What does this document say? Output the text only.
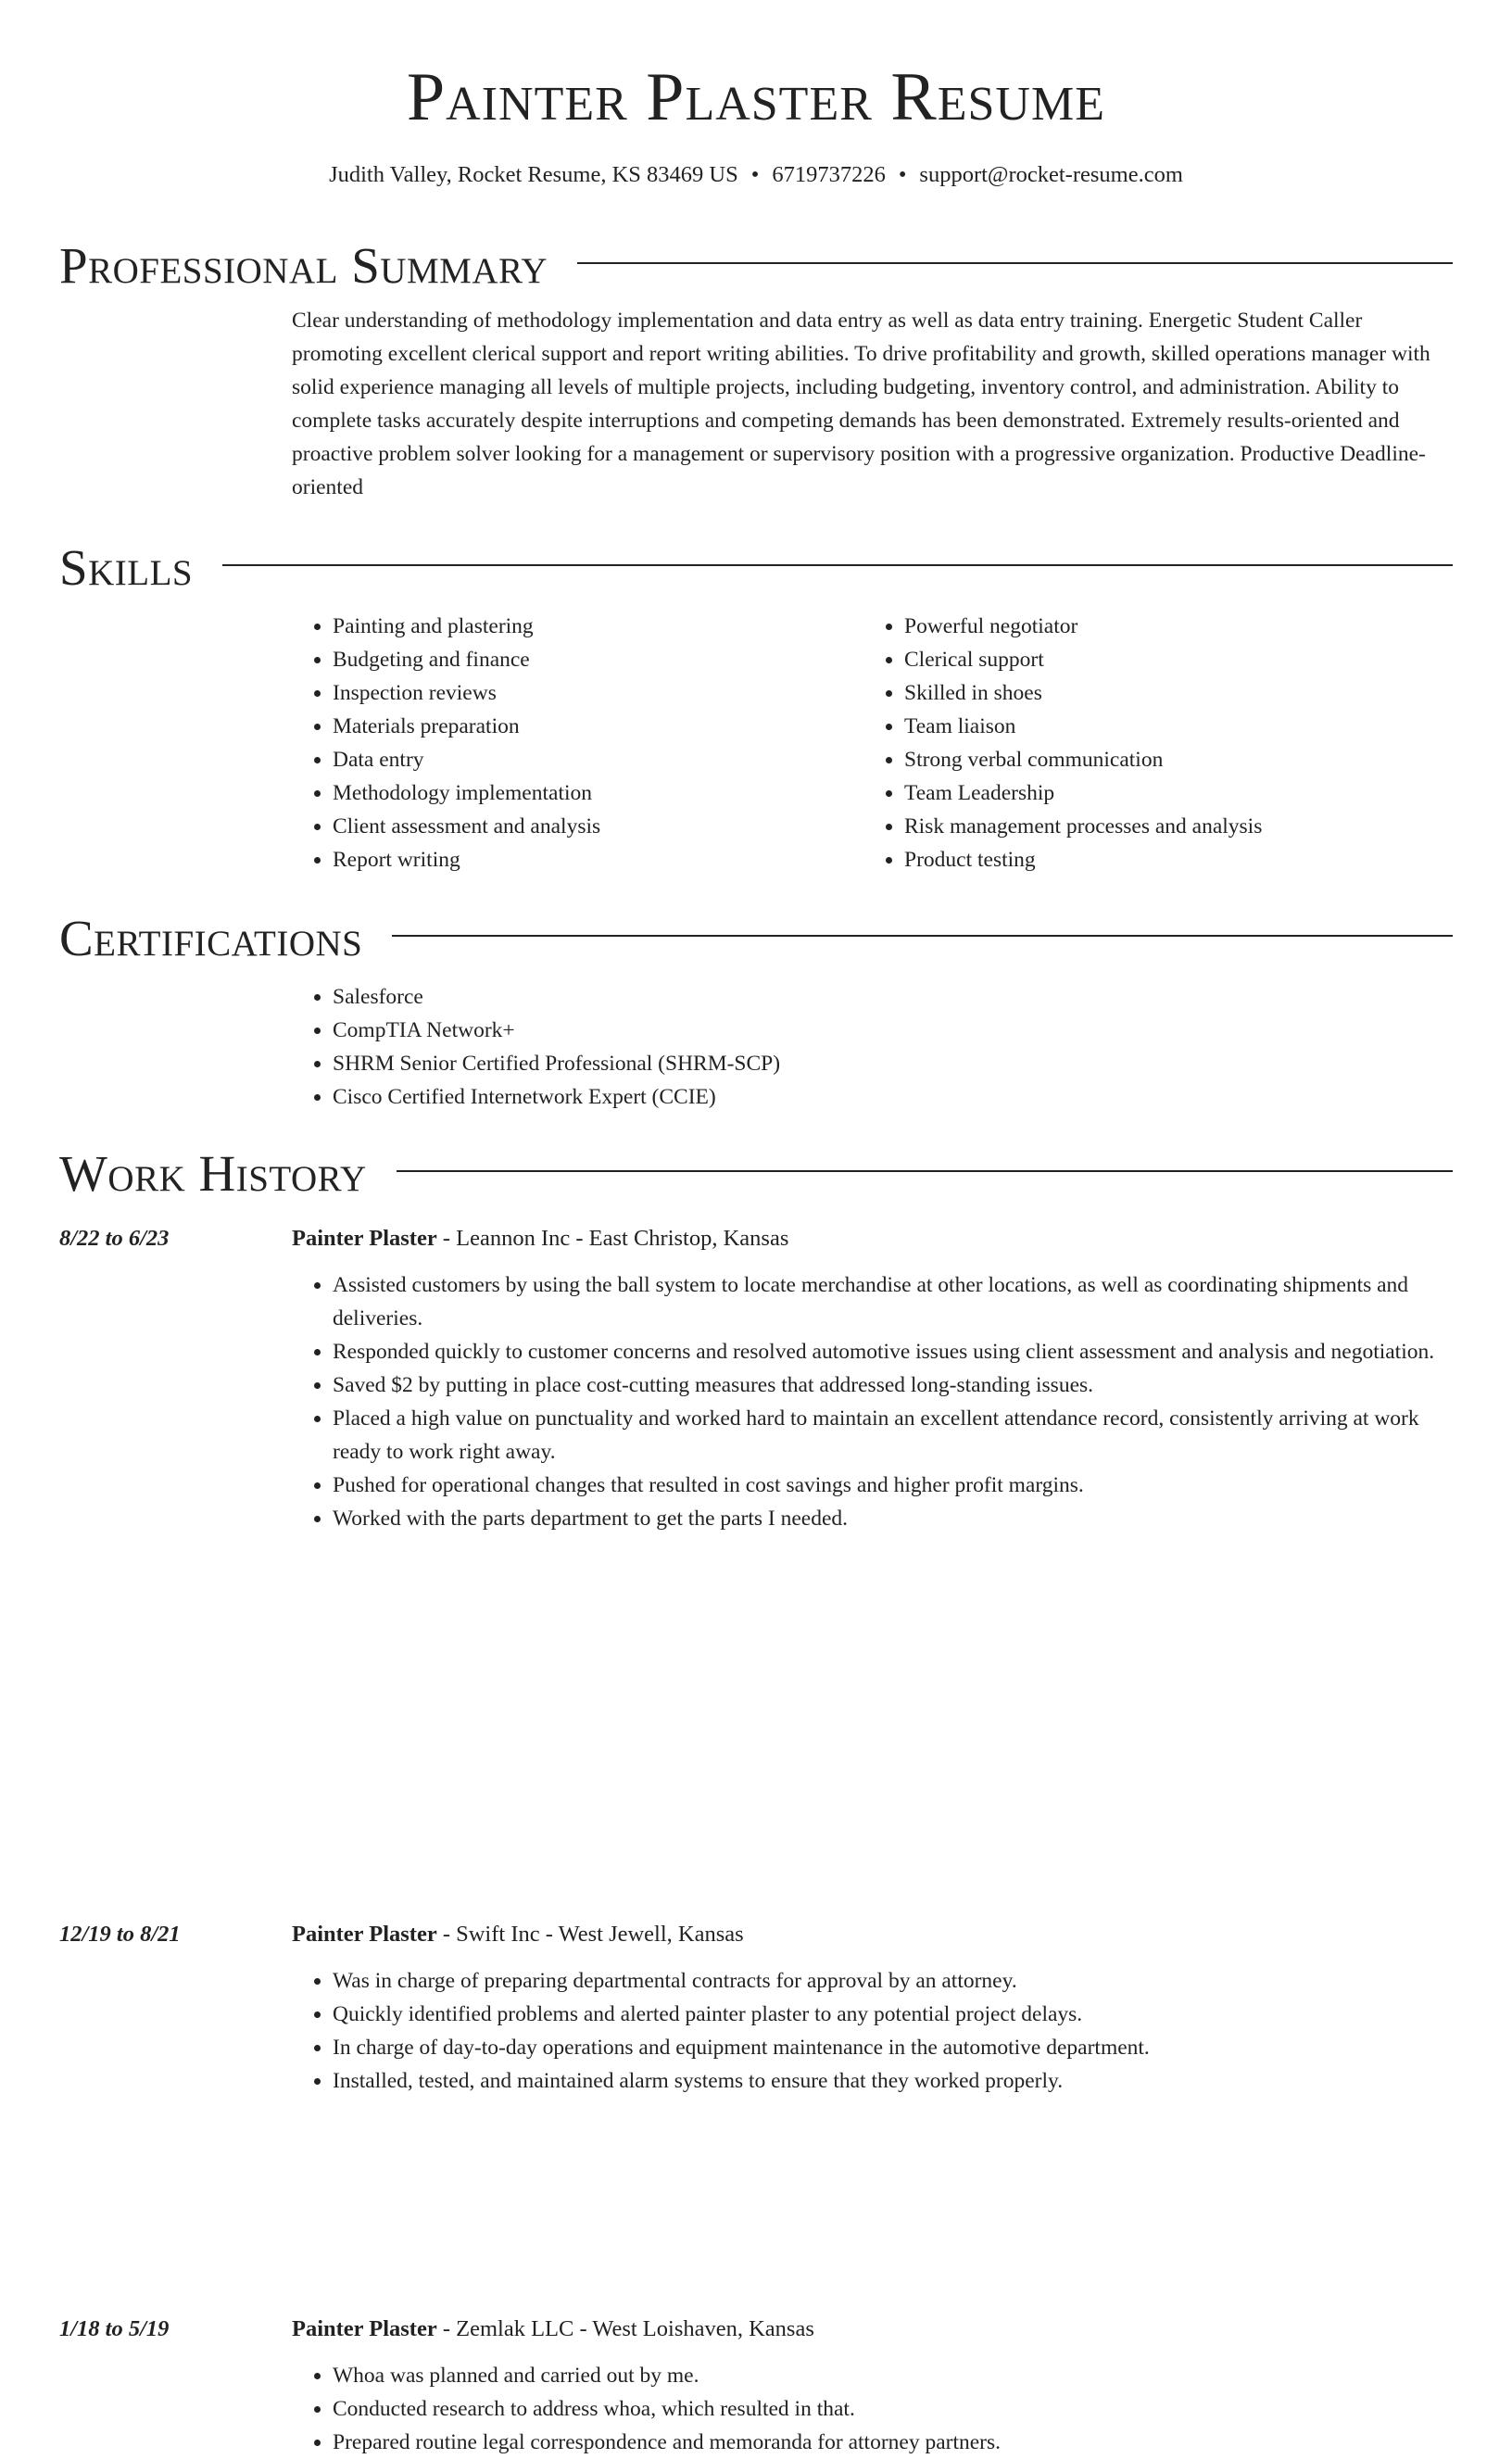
Painter Plaster Resume
Judith Valley, Rocket Resume, KS 83469 US • 6719737226 • support@rocket-resume.com
Professional Summary

Clear understanding of methodology implementation and data entry as well as data entry training. Energetic Student Caller promoting excellent clerical support and report writing abilities. To drive profitability and growth, skilled operations manager with solid experience managing all levels of multiple projects, including budgeting, inventory control, and administration. Ability to complete tasks accurately despite interruptions and competing demands has been demonstrated. Extremely results-oriented and proactive problem solver looking for a management or supervisory position with a progressive organization. Productive Deadline-oriented

Skills
• Painting and plastering
• Budgeting and finance
• Inspection reviews
• Materials preparation
• Data entry
• Methodology implementation
• Client assessment and analysis
• Report writing
• Powerful negotiator
• Clerical support
• Skilled in shoes
• Team liaison
• Strong verbal communication
• Team Leadership
• Risk management processes and analysis
• Product testing
Certifications
• Salesforce
• CompTIA Network+
• SHRM Senior Certified Professional (SHRM-SCP)
• Cisco Certified Internetwork Expert (CCIE)
Work History
8/22 to 6/23	Painter Plaster - Leannon Inc - East Christop, Kansas
• Assisted customers by using the ball system to locate merchandise at other locations, as well as coordinating shipments and deliveries.
• Responded quickly to customer concerns and resolved automotive issues using client assessment and analysis and negotiation.
• Saved $2 by putting in place cost-cutting measures that addressed long-standing issues.
• Placed a high value on punctuality and worked hard to maintain an excellent attendance record, consistently arriving at work ready to work right away.
• Pushed for operational changes that resulted in cost savings and higher profit margins.
• Worked with the parts department to get the parts I needed.
12/19 to 8/21	Painter Plaster - Swift Inc - West Jewell, Kansas
• Was in charge of preparing departmental contracts for approval by an attorney.
• Quickly identified problems and alerted painter plaster to any potential project delays.
• In charge of day-to-day operations and equipment maintenance in the automotive department.
• Installed, tested, and maintained alarm systems to ensure that they worked properly.
1/18 to 5/19	Painter Plaster - Zemlak LLC - West Loishaven, Kansas
• Whoa was planned and carried out by me.
• Conducted research to address whoa, which resulted in that.
• Prepared routine legal correspondence and memoranda for attorney partners.
